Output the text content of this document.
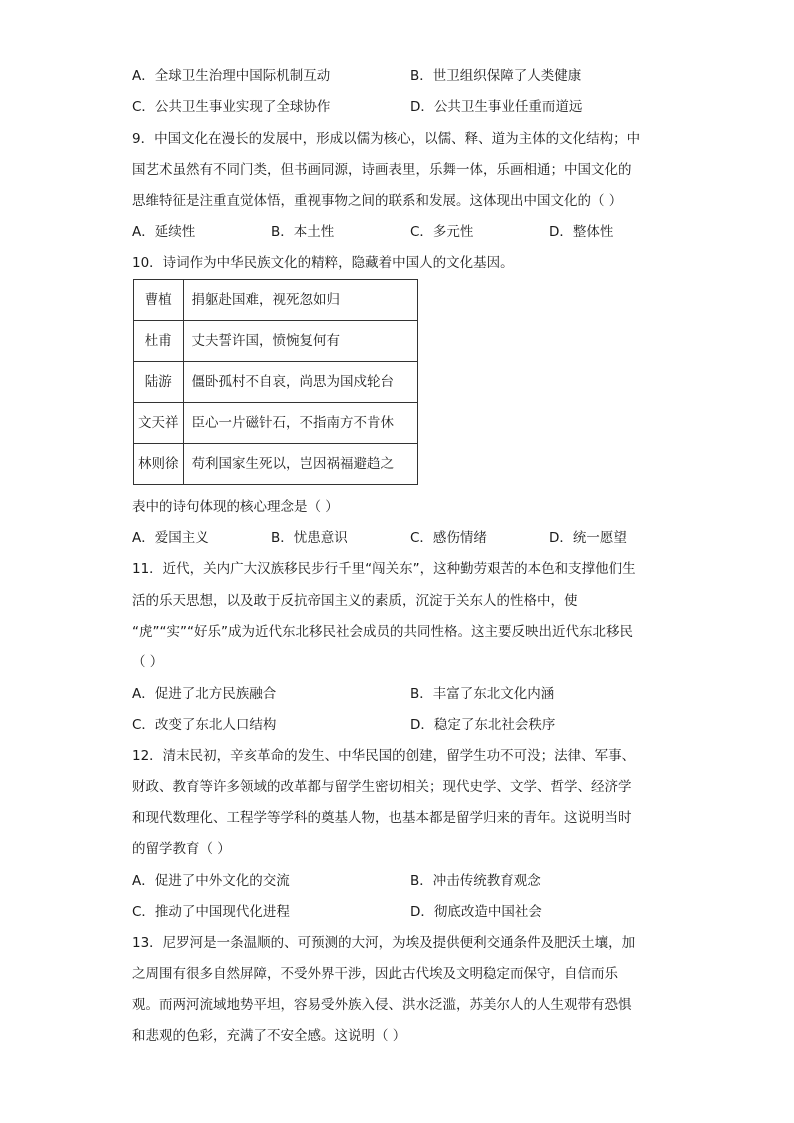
A．全球卫生治理中国际机制互动	B．世卫组织保障了人类健康
C．公共卫生事业实现了全球协作	D．公共卫生事业任重而道远
9．中国文化在漫长的发展中，形成以儒为核心，以儒、释、道为主体的文化结构；中
国艺术虽然有不同门类，但书画同源，诗画表里，乐舞一体，乐画相通；中国文化的
思维特征是注重直觉体悟，重视事物之间的联系和发展。这体现出中国文化的（ ）
A．延续性	B．本土性	C．多元性	D．整体性
10．诗词作为中华民族文化的精粹，隐藏着中国人的文化基因。
曹植	捐躯赴国难，视死忽如归
杜甫	丈夫誓许国，愤惋复何有
陆游	僵卧孤村不自哀，尚思为国戍轮台
文天祥	臣心一片磁针石，不指南方不肯休
林则徐	苟利国家生死以，岂因祸福避趋之
表中的诗句体现的核心理念是（ ）
A．爱国主义	B．忧患意识	C．感伤情绪	D．统一愿望
11．近代，关内广大汉族移民步行千里“闯关东”，这种勤劳艰苦的本色和支撑他们生
活的乐天思想，以及敢于反抗帝国主义的素质，沉淀于关东人的性格中，使
“虎”“实”“好乐”成为近代东北移民社会成员的共同性格。这主要反映出近代东北移民
（ ）
A．促进了北方民族融合	B．丰富了东北文化内涵
C．改变了东北人口结构	D．稳定了东北社会秩序
12．清末民初，辛亥革命的发生、中华民国的创建，留学生功不可没；法律、军事、
财政、教育等许多领域的改革都与留学生密切相关；现代史学、文学、哲学、经济学
和现代数理化、工程学等学科的奠基人物，也基本都是留学归来的青年。这说明当时
的留学教育（ ）
A．促进了中外文化的交流	B．冲击传统教育观念
C．推动了中国现代化进程	D．彻底改造中国社会
13．尼罗河是一条温顺的、可预测的大河，为埃及提供便利交通条件及肥沃土壤，加
之周围有很多自然屏障，不受外界干涉，因此古代埃及文明稳定而保守，自信而乐
观。而两河流域地势平坦，容易受外族入侵、洪水泛滥，苏美尔人的人生观带有恐惧
和悲观的色彩，充满了不安全感。这说明（ ）
